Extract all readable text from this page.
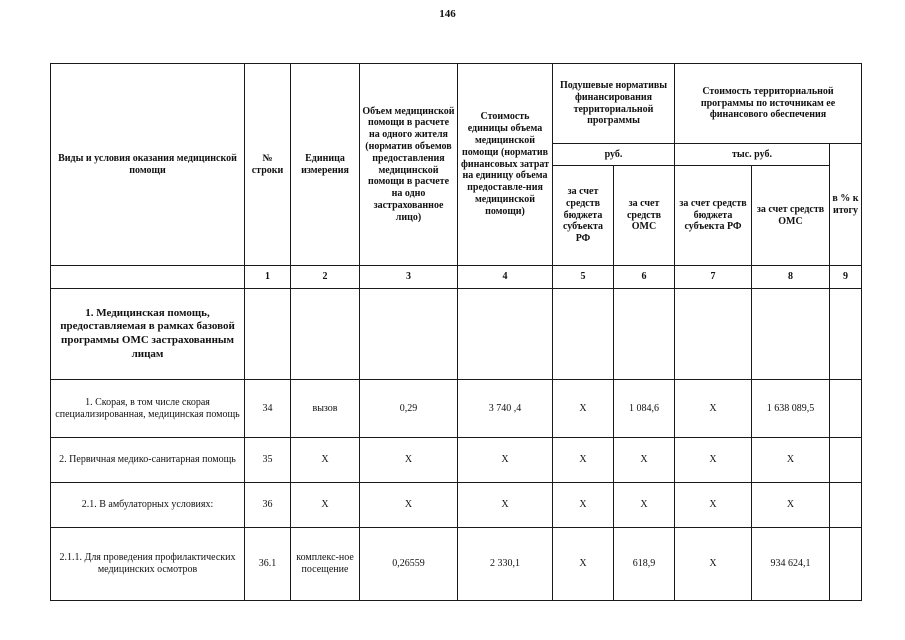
146
Виды и условия оказания медицинской помощи	№ строки	Единица измерения	Объем медицинской помощи в расчете на одного жителя (норматив объемов предоставления медицинской помощи в расчете на одно застрахованное лицо)	Стоимость единицы объема медицинской помощи (норматив финансовых затрат на единицу объема предоставле-ния медицинской помощи)	Подушевые нормативы финансирования территориальной программы		Стоимость территориальной программы по источникам ее финансового обеспечения		
					руб.		тыс. руб.		в % к итогу
					за счет средств бюджета субъекта РФ	за счет средств ОМС	за счет средств бюджета субъекта РФ	за счет средств ОМС	
	1	2	3	4	5	6	7	8	9
1. Медицинская помощь, предоставляемая в рамках базовой программы ОМС застрахованным лицам									
1. Скорая, в том числе скорая специализированная, медицинская помощь	34	вызов	0,29	3 740 ,4	X	1 084,6	X	1 638 089,5	
2. Первичная медико-санитарная помощь	35	X	X	X	X	X	X	X	
2.1. В амбулаторных условиях:	36	X	X	X	X	X	X	X	
2.1.1. Для проведения профилактических медицинских осмотров	36.1	комплекс-ное посещение	0,26559	2 330,1	X	618,9	X	934 624,1	
